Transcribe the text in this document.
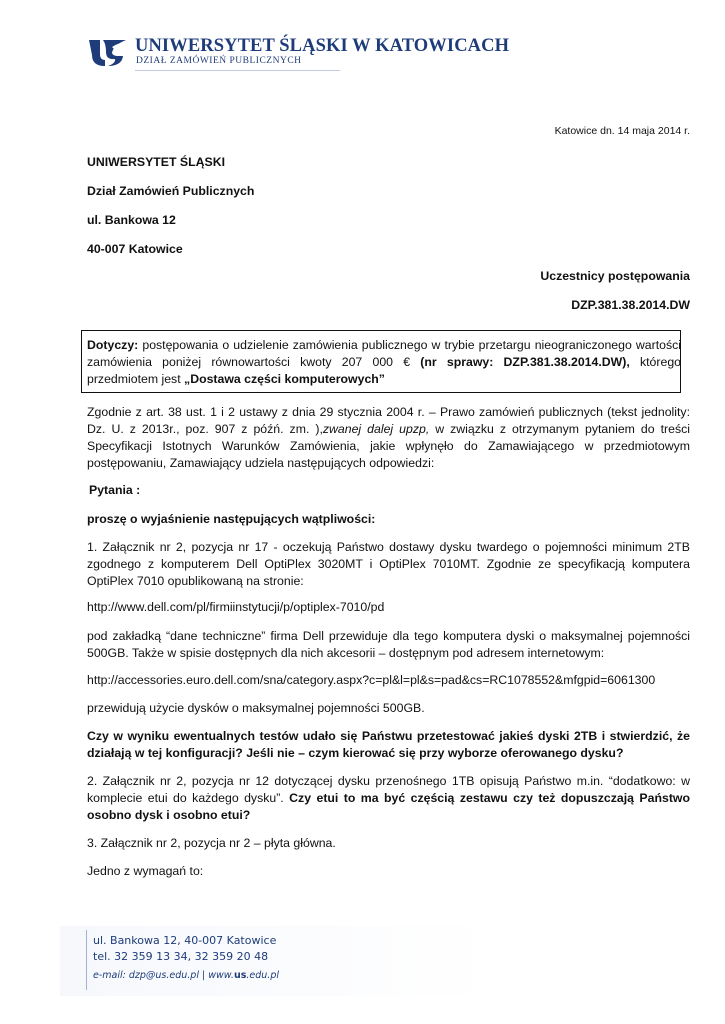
UNIWERSYTET ŚLĄSKI W KATOWICACH

DZIAŁ ZAMÓWIEŃ PUBLICZNYCH

Katowice dn. 14 maja 2014 r.
UNIWERSYTET ŚLĄSKI
Dział Zamówień Publicznych
ul. Bankowa 12
40-007 Katowice
Uczestnicy postępowania
DZP.381.38.2014.DW
Dotyczy: postępowania o udzielenie zamówienia publicznego w trybie przetargu nieograniczonego wartości zamówienia poniżej równowartości kwoty 207 000 € (nr sprawy: DZP.381.38.2014.DW), którego przedmiotem jest „Dostawa części komputerowych”
Zgodnie z art. 38 ust. 1 i 2 ustawy z dnia 29 stycznia 2004 r. – Prawo zamówień publicznych (tekst jednolity: Dz. U. z 2013r., poz. 907 z późń. zm. ),zwanej dalej upzp, w związku z otrzymanym pytaniem do treści Specyfikacji Istotnych Warunków Zamówienia, jakie wpłynęło do Zamawiającego w przedmiotowym postępowaniu, Zamawiający udziela następujących odpowiedzi:
Pytania :
proszę o wyjaśnienie następujących wątpliwości:
1. Załącznik nr 2, pozycja nr 17 - oczekują Państwo dostawy dysku twardego o pojemności minimum 2TB zgodnego z komputerem Dell OptiPlex 3020MT i OptiPlex 7010MT. Zgodnie ze specyfikacją komputera OptiPlex 7010 opublikowaną na stronie:
http://www.dell.com/pl/firmiinstytucji/p/optiplex-7010/pd
pod zakładką “dane techniczne” firma Dell przewiduje dla tego komputera dyski o maksymalnej pojemności 500GB. Także w spisie dostępnych dla nich akcesorii – dostępnym pod adresem internetowym:
http://accessories.euro.dell.com/sna/category.aspx?c=pl&l=pl&s=pad&cs=RC1078552&mfgpid=6061300
przewidują użycie dysków o maksymalnej pojemności 500GB.
Czy w wyniku ewentualnych testów udało się Państwu przetestować jakieś dyski 2TB i stwierdzić, że działają w tej konfiguracji? Jeśli nie – czym kierować się przy wyborze oferowanego dysku?
2. Załącznik nr 2, pozycja nr 12 dotyczącej dysku przenośnego 1TB opisują Państwo m.in. “dodatkowo: w komplecie etui do każdego dysku”. Czy etui to ma być częścią zestawu czy też dopuszczają Państwo osobno dysk i osobno etui?
3. Załącznik nr 2, pozycja nr 2 – płyta główna.
Jedno z wymagań to:
ul. Bankowa 12, 40-007 Katowice
tel. 32 359 13 34, 32 359 20 48
e-mail: dzp@us.edu.pl | www.us.edu.pl
